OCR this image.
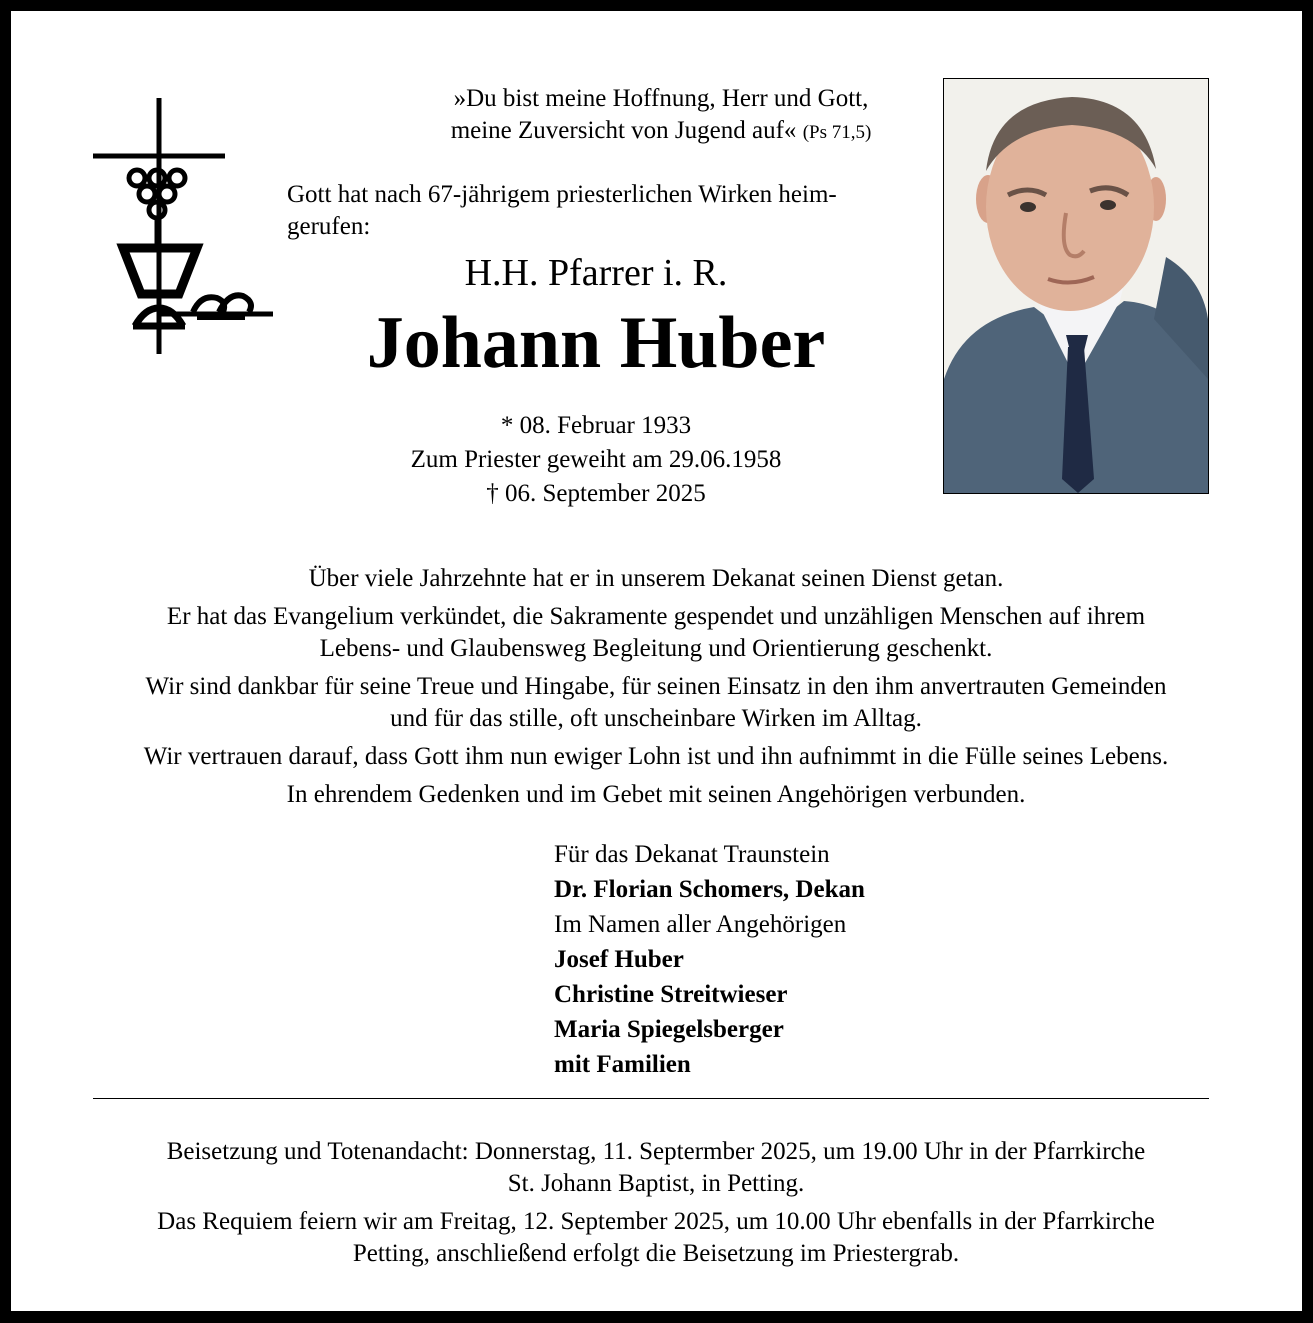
»Du bist meine Hoffnung, Herr und Gott,
meine Zuversicht von Jugend auf« (Ps 71,5)
Gott hat nach 67-jährigem priesterlichen Wirken heim-
gerufen:
H.H. Pfarrer i. R.
Johann Huber
* 08. Februar 1933
Zum Priester geweiht am 29.06.1958
† 06. September 2025

Über viele Jahrzehnte hat er in unserem Dekanat seinen Dienst getan.

Er hat das Evangelium verkündet, die Sakramente gespendet und unzähligen Menschen auf ihrem
Lebens- und Glaubensweg Begleitung und Orientierung geschenkt.

Wir sind dankbar für seine Treue und Hingabe, für seinen Einsatz in den ihm anvertrauten Gemeinden
und für das stille, oft unscheinbare Wirken im Alltag.

Wir vertrauen darauf, dass Gott ihm nun ewiger Lohn ist und ihn aufnimmt in die Fülle seines Lebens.

In ehrendem Gedenken und im Gebet mit seinen Angehörigen verbunden.

Für das Dekanat Traunstein
Dr. Florian Schomers, Dekan
Im Namen aller Angehörigen
Josef Huber
Christine Streitwieser
Maria Spiegelsberger
mit Familien

Beisetzung und Totenandacht: Donnerstag, 11. Septermber 2025, um 19.00 Uhr in der Pfarrkirche
St. Johann Baptist, in Petting.

Das Requiem feiern wir am Freitag, 12. September 2025, um 10.00 Uhr ebenfalls in der Pfarrkirche
Petting, anschließend erfolgt die Beisetzung im Priestergrab.
